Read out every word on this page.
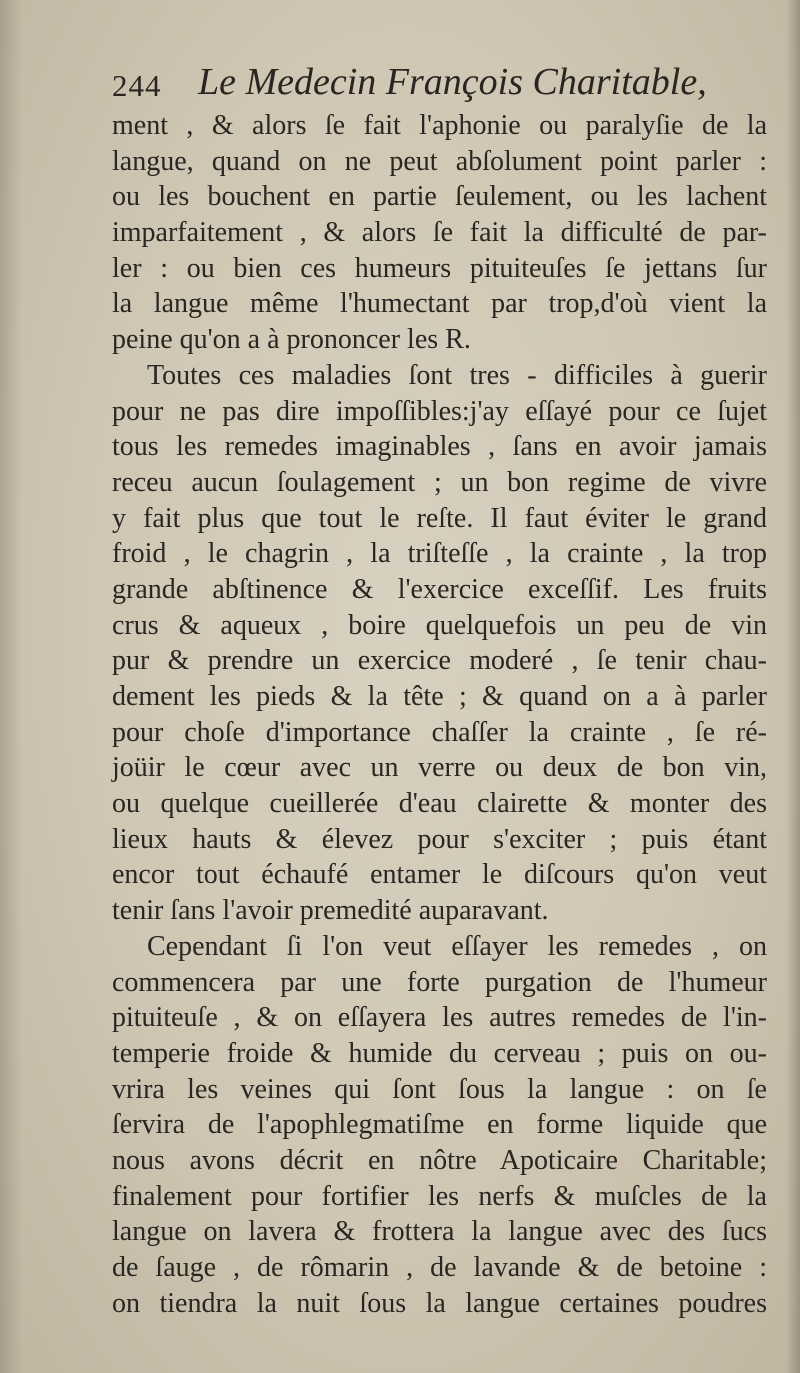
244 Le Medecin François Charitable,
ment , & alors ſe fait l'aphonie ou paralyſie de la
langue, quand on ne peut abſolument point parler :
ou les bouchent en partie ſeulement, ou les lachent
imparfaitement , & alors ſe fait la difficulté de par-
ler : ou bien ces humeurs pituiteuſes ſe jettans ſur
la langue même l'humectant par trop,d'où vient la
peine qu'on a à prononcer les R.
Toutes ces maladies ſont tres - difficiles à guerir
pour ne pas dire impoſſibles:j'ay eſſayé pour ce ſujet
tous les remedes imaginables , ſans en avoir jamais
receu aucun ſoulagement ; un bon regime de vivre
y fait plus que tout le reſte. Il faut éviter le grand
froid , le chagrin , la triſteſſe , la crainte , la trop
grande abſtinence & l'exercice exceſſif. Les fruits
crus & aqueux , boire quelquefois un peu de vin
pur & prendre un exercice moderé , ſe tenir chau-
dement les pieds & la tête ; & quand on a à parler
pour choſe d'importance chaſſer la crainte , ſe ré-
joüir le cœur avec un verre ou deux de bon vin,
ou quelque cueillerée d'eau clairette & monter des
lieux hauts & élevez pour s'exciter ; puis étant
encor tout échaufé entamer le diſcours qu'on veut
tenir ſans l'avoir premedité auparavant.
Cependant ſi l'on veut eſſayer les remedes , on
commencera par une forte purgation de l'humeur
pituiteuſe , & on eſſayera les autres remedes de l'in-
temperie froide & humide du cerveau ; puis on ou-
vrira les veines qui ſont ſous la langue : on ſe
ſervira de l'apophlegmatiſme en forme liquide que
nous avons décrit en nôtre Apoticaire Charitable;
finalement pour fortifier les nerfs & muſcles de la
langue on lavera & frottera la langue avec des ſucs
de ſauge , de rômarin , de lavande & de betoine :
on tiendra la nuit ſous la langue certaines poudres
